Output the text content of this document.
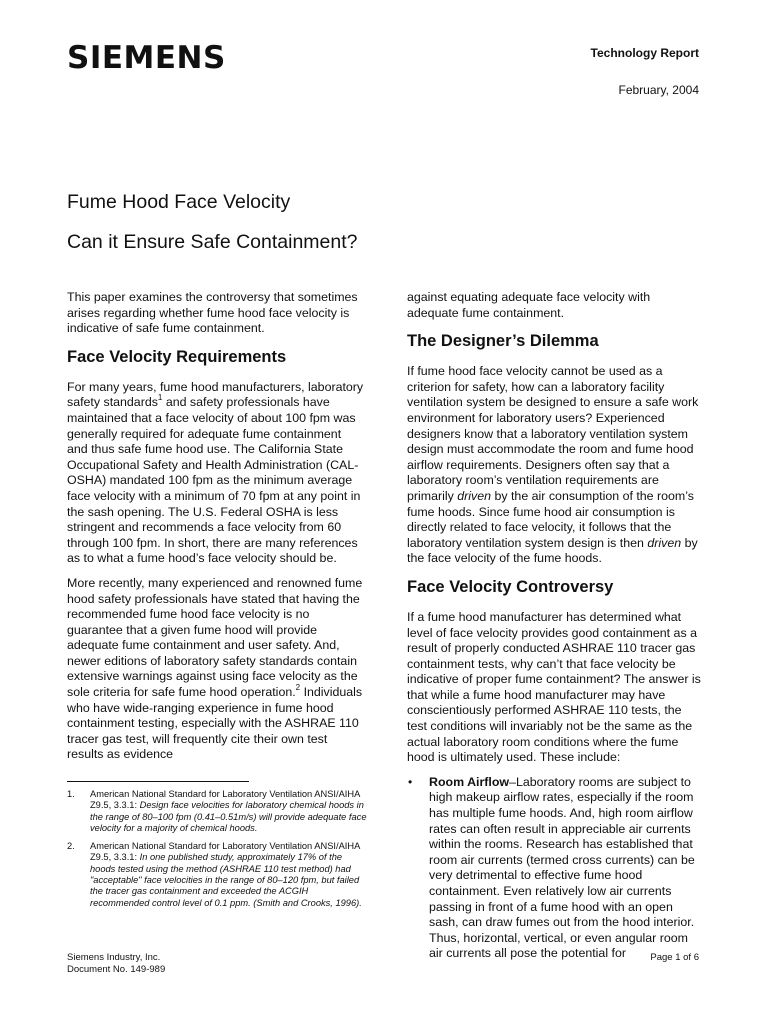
SIEMENS	Technology Report
February, 2004
Fume Hood Face Velocity
Can it Ensure Safe Containment?

This paper examines the controversy that sometimes arises regarding whether fume hood face velocity is indicative of safe fume containment.

Face Velocity Requirements

For many years, fume hood manufacturers, laboratory safety standards$^1$ and safety professionals have maintained that a face velocity of about 100 fpm was generally required for adequate fume containment and thus safe fume hood use. The California State Occupational Safety and Health Administration (CAL-OSHA) mandated 100 fpm as the minimum average face velocity with a minimum of 70 fpm at any point in the sash opening. The U.S. Federal OSHA is less stringent and recommends a face velocity from 60 through 100 fpm. In short, there are many references as to what a fume hood’s face velocity should be.

More recently, many experienced and renowned fume hood safety professionals have stated that having the recommended fume hood face velocity is no guarantee that a given fume hood will provide adequate fume containment and user safety. And, newer editions of laboratory safety standards contain extensive warnings against using face velocity as the sole criteria for safe fume hood operation.$^2$ Individuals who have wide-ranging experience in fume hood containment testing, especially with the ASHRAE 110 tracer gas test, will frequently cite their own test results as evidence

against equating adequate face velocity with adequate fume containment.

The Designer’s Dilemma

If fume hood face velocity cannot be used as a criterion for safety, how can a laboratory facility ventilation system be designed to ensure a safe work environment for laboratory users? Experienced designers know that a laboratory ventilation system design must accommodate the room and fume hood airflow requirements. Designers often say that a laboratory room’s ventilation requirements are primarily driven by the air consumption of the room’s fume hoods. Since fume hood air consumption is directly related to face velocity, it follows that the laboratory ventilation system design is then driven by the face velocity of the fume hoods.

Face Velocity Controversy

If a fume hood manufacturer has determined what level of face velocity provides good containment as a result of properly conducted ASHRAE 110 tracer gas containment tests, why can’t that face velocity be indicative of proper fume containment? The answer is that while a fume hood manufacturer may have conscientiously performed ASHRAE 110 tests, the test conditions will invariably not be the same as the actual laboratory room conditions where the fume hood is ultimately used. These include:

•	Room Airflow–Laboratory rooms are subject to high makeup airflow rates, especially if the room has multiple fume hoods. And, high room airflow rates can often result in appreciable air currents within the rooms. Research has established that room air currents (termed cross currents) can be very detrimental to effective fume hood containment. Even relatively low air currents passing in front of a fume hood with an open sash, can draw fumes out from the hood interior. Thus, horizontal, vertical, or even angular room air currents all pose the potential for
1.	American National Standard for Laboratory Ventilation ANSI/AIHA Z9.5, 3.3.1: Design face velocities for laboratory chemical hoods in the range of 80–100 fpm (0.41–0.51m/s) will provide adequate face velocity for a majority of chemical hoods.
2.	American National Standard for Laboratory Ventilation ANSI/AIHA Z9.5, 3.3.1: In one published study, approximately 17% of the hoods tested using the method (ASHRAE 110 test method) had "acceptable" face velocities in the range of 80–120 fpm, but failed the tracer gas containment and exceeded the ACGIH recommended control level of 0.1 ppm. (Smith and Crooks, 1996).
Siemens Industry, Inc.
Document No. 149-989
Page 1 of 6
